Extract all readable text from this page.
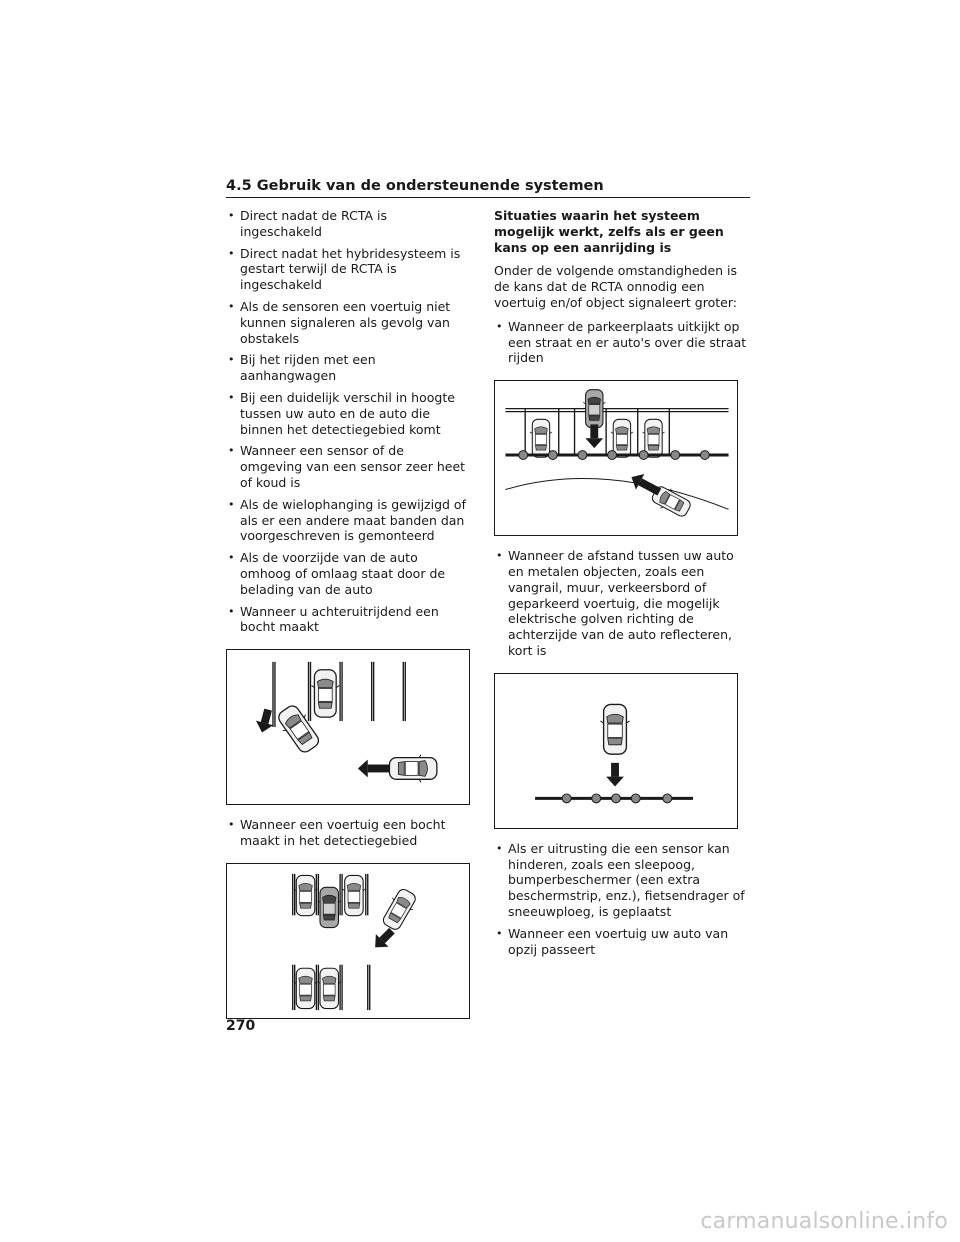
4.5 Gebruik van de ondersteunende systemen
• Direct nadat de RCTA is ingeschakeld
• Direct nadat het hybridesysteem is gestart terwijl de RCTA is ingeschakeld
• Als de sensoren een voertuig niet kunnen signaleren als gevolg van obstakels
• Bij het rijden met een aanhangwagen
• Bij een duidelijk verschil in hoogte tussen uw auto en de auto die binnen het detectiegebied komt
• Wanneer een sensor of de omgeving van een sensor zeer heet of koud is
• Als de wielophanging is gewijzigd of als er een andere maat banden dan voorgeschreven is gemonteerd
• Als de voorzijde van de auto omhoog of omlaag staat door de belading van de auto
• Wanneer u achteruitrijdend een bocht maakt
• Wanneer een voertuig een bocht maakt in het detectiegebied
Situaties waarin het systeem mogelijk werkt, zelfs als er geen kans op een aanrijding is
Onder de volgende omstandigheden is de kans dat de RCTA onnodig een voertuig en/of object signaleert groter:
• Wanneer de parkeerplaats uitkijkt op een straat en er auto's over die straat rijden
• Wanneer de afstand tussen uw auto en metalen objecten, zoals een vangrail, muur, verkeersbord of geparkeerd voertuig, die mogelijk elektrische golven richting de achterzijde van de auto reflecteren, kort is
• Als er uitrusting die een sensor kan hinderen, zoals een sleepoog, bumperbeschermer (een extra beschermstrip, enz.), fietsendrager of sneeuwploeg, is geplaatst
• Wanneer een voertuig uw auto van opzij passeert
270
carmanualsonline.info
